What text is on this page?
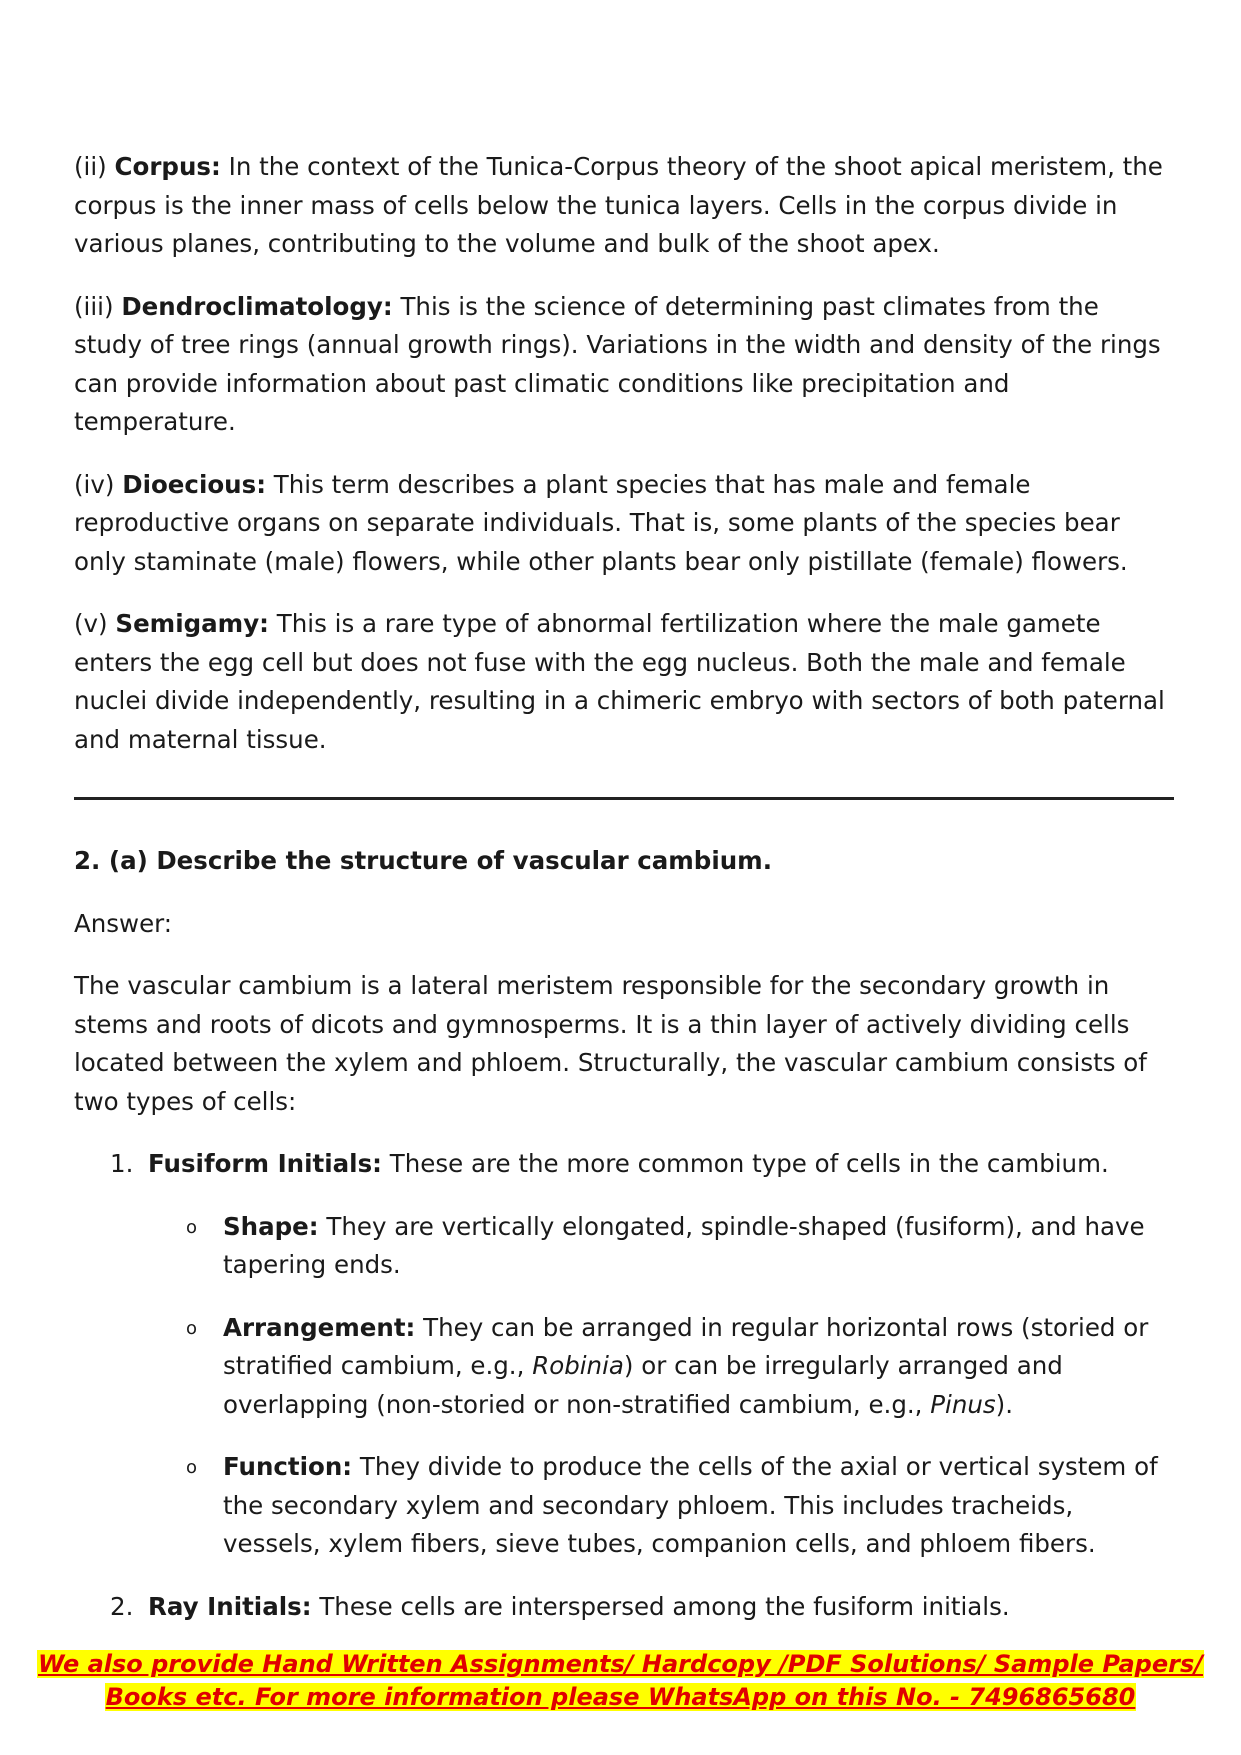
(ii) Corpus: In the context of the Tunica-Corpus theory of the shoot apical meristem, the corpus is the inner mass of cells below the tunica layers. Cells in the corpus divide in various planes, contributing to the volume and bulk of the shoot apex.

(iii) Dendroclimatology: This is the science of determining past climates from the study of tree rings (annual growth rings). Variations in the width and density of the rings can provide information about past climatic conditions like precipitation and temperature.

(iv) Dioecious: This term describes a plant species that has male and female reproductive organs on separate individuals. That is, some plants of the species bear only staminate (male) flowers, while other plants bear only pistillate (female) flowers.

(v) Semigamy: This is a rare type of abnormal fertilization where the male gamete enters the egg cell but does not fuse with the egg nucleus. Both the male and female nuclei divide independently, resulting in a chimeric embryo with sectors of both paternal and maternal tissue.

2. (a) Describe the structure of vascular cambium.

Answer:

The vascular cambium is a lateral meristem responsible for the secondary growth in stems and roots of dicots and gymnosperms. It is a thin layer of actively dividing cells located between the xylem and phloem. Structurally, the vascular cambium consists of two types of cells:

1. Fusiform Initials: These are the more common type of cells in the cambium.

o Shape: They are vertically elongated, spindle-shaped (fusiform), and have tapering ends.

o Arrangement: They can be arranged in regular horizontal rows (storied or stratified cambium, e.g., Robinia) or can be irregularly arranged and overlapping (non-storied or non-stratified cambium, e.g., Pinus).

o Function: They divide to produce the cells of the axial or vertical system of the secondary xylem and secondary phloem. This includes tracheids, vessels, xylem fibers, sieve tubes, companion cells, and phloem fibers.

2. Ray Initials: These cells are interspersed among the fusiform initials.

We also provide Hand Written Assignments/ Hardcopy /PDF Solutions/ Sample Papers/
Books etc. For more information please WhatsApp on this No. - 7496865680
